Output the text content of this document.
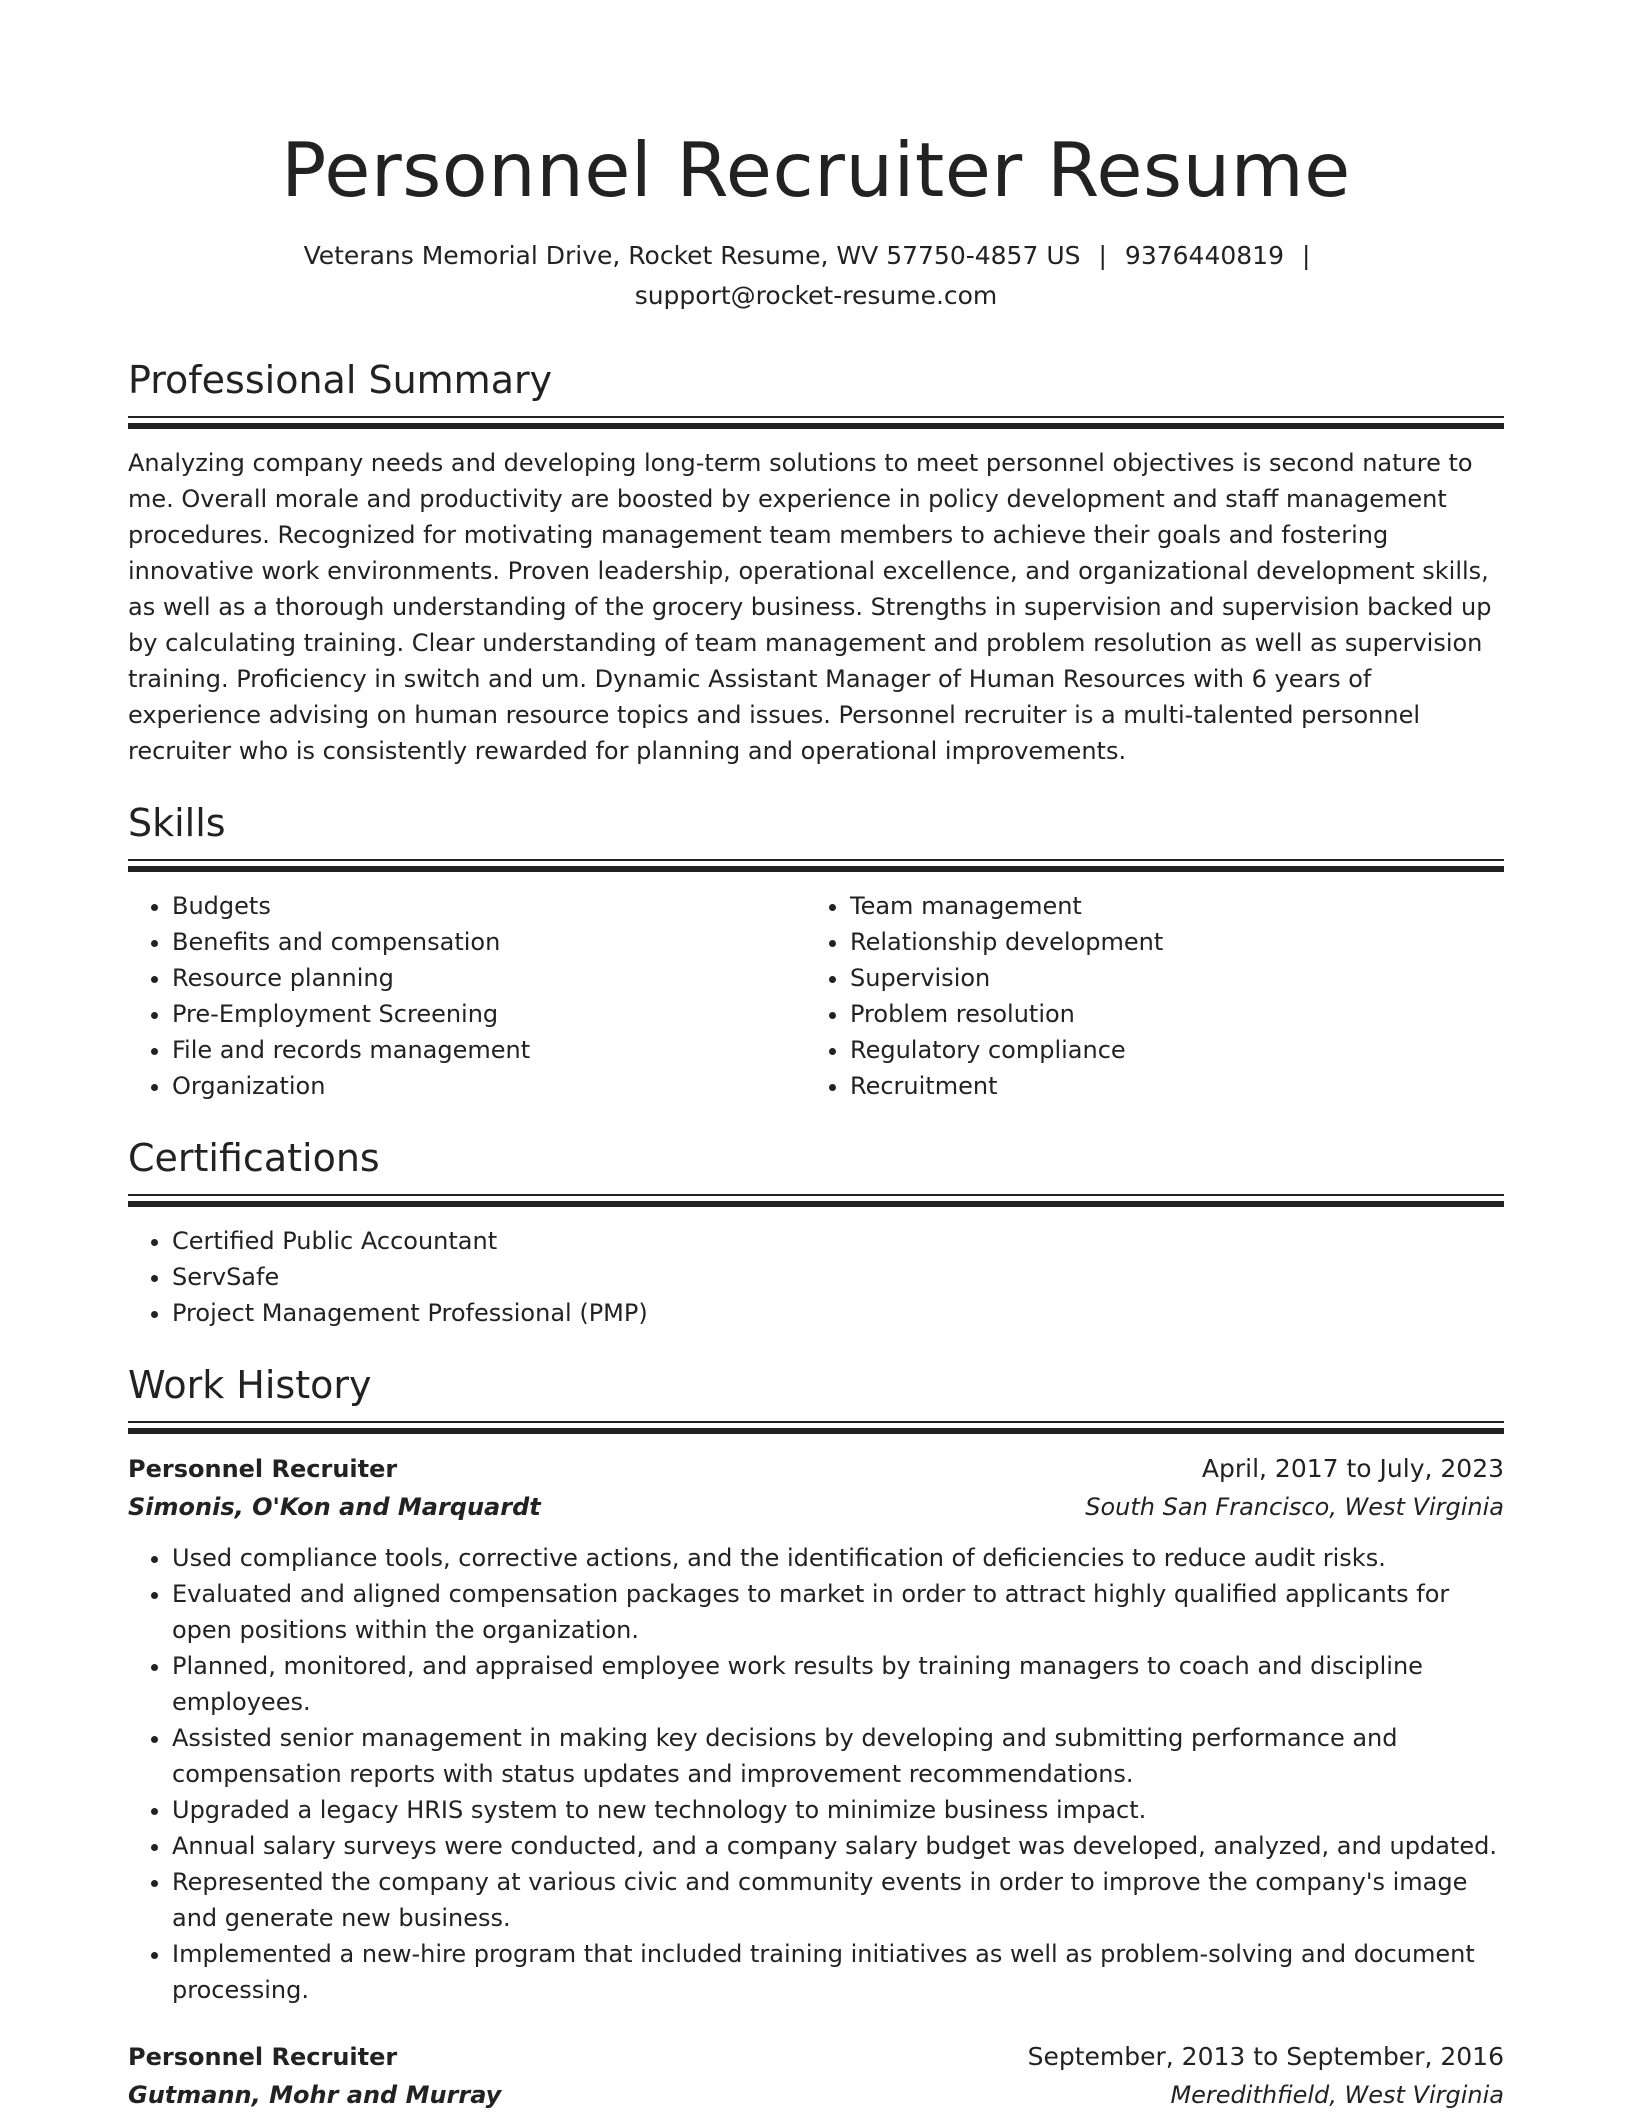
Personnel Recruiter Resume
Veterans Memorial Drive, Rocket Resume, WV 57750-4857 US | 9376440819 |
support@rocket-resume.com
Professional Summary

Analyzing company needs and developing long-term solutions to meet personnel objectives is second nature to me. Overall morale and productivity are boosted by experience in policy development and staff management procedures. Recognized for motivating management team members to achieve their goals and fostering innovative work environments. Proven leadership, operational excellence, and organizational development skills, as well as a thorough understanding of the grocery business. Strengths in supervision and supervision backed up by calculating training. Clear understanding of team management and problem resolution as well as supervision training. Proficiency in switch and um. Dynamic Assistant Manager of Human Resources with 6 years of experience advising on human resource topics and issues. Personnel recruiter is a multi-talented personnel recruiter who is consistently rewarded for planning and operational improvements.

Skills
• Budgets
• Benefits and compensation
• Resource planning
• Pre-Employment Screening
• File and records management
• Organization
• Team management
• Relationship development
• Supervision
• Problem resolution
• Regulatory compliance
• Recruitment
Certifications
• Certified Public Accountant
• ServSafe
• Project Management Professional (PMP)
Work History
Personnel Recruiter	April, 2017 to July, 2023
Simonis, O'Kon and Marquardt	South San Francisco, West Virginia
• Used compliance tools, corrective actions, and the identification of deficiencies to reduce audit risks.
• Evaluated and aligned compensation packages to market in order to attract highly qualified applicants for open positions within the organization.
• Planned, monitored, and appraised employee work results by training managers to coach and discipline employees.
• Assisted senior management in making key decisions by developing and submitting performance and compensation reports with status updates and improvement recommendations.
• Upgraded a legacy HRIS system to new technology to minimize business impact.
• Annual salary surveys were conducted, and a company salary budget was developed, analyzed, and updated.
• Represented the company at various civic and community events in order to improve the company's image and generate new business.
• Implemented a new-hire program that included training initiatives as well as problem-solving and document processing.
Personnel Recruiter	September, 2013 to September, 2016
Gutmann, Mohr and Murray	Meredithfield, West Virginia
